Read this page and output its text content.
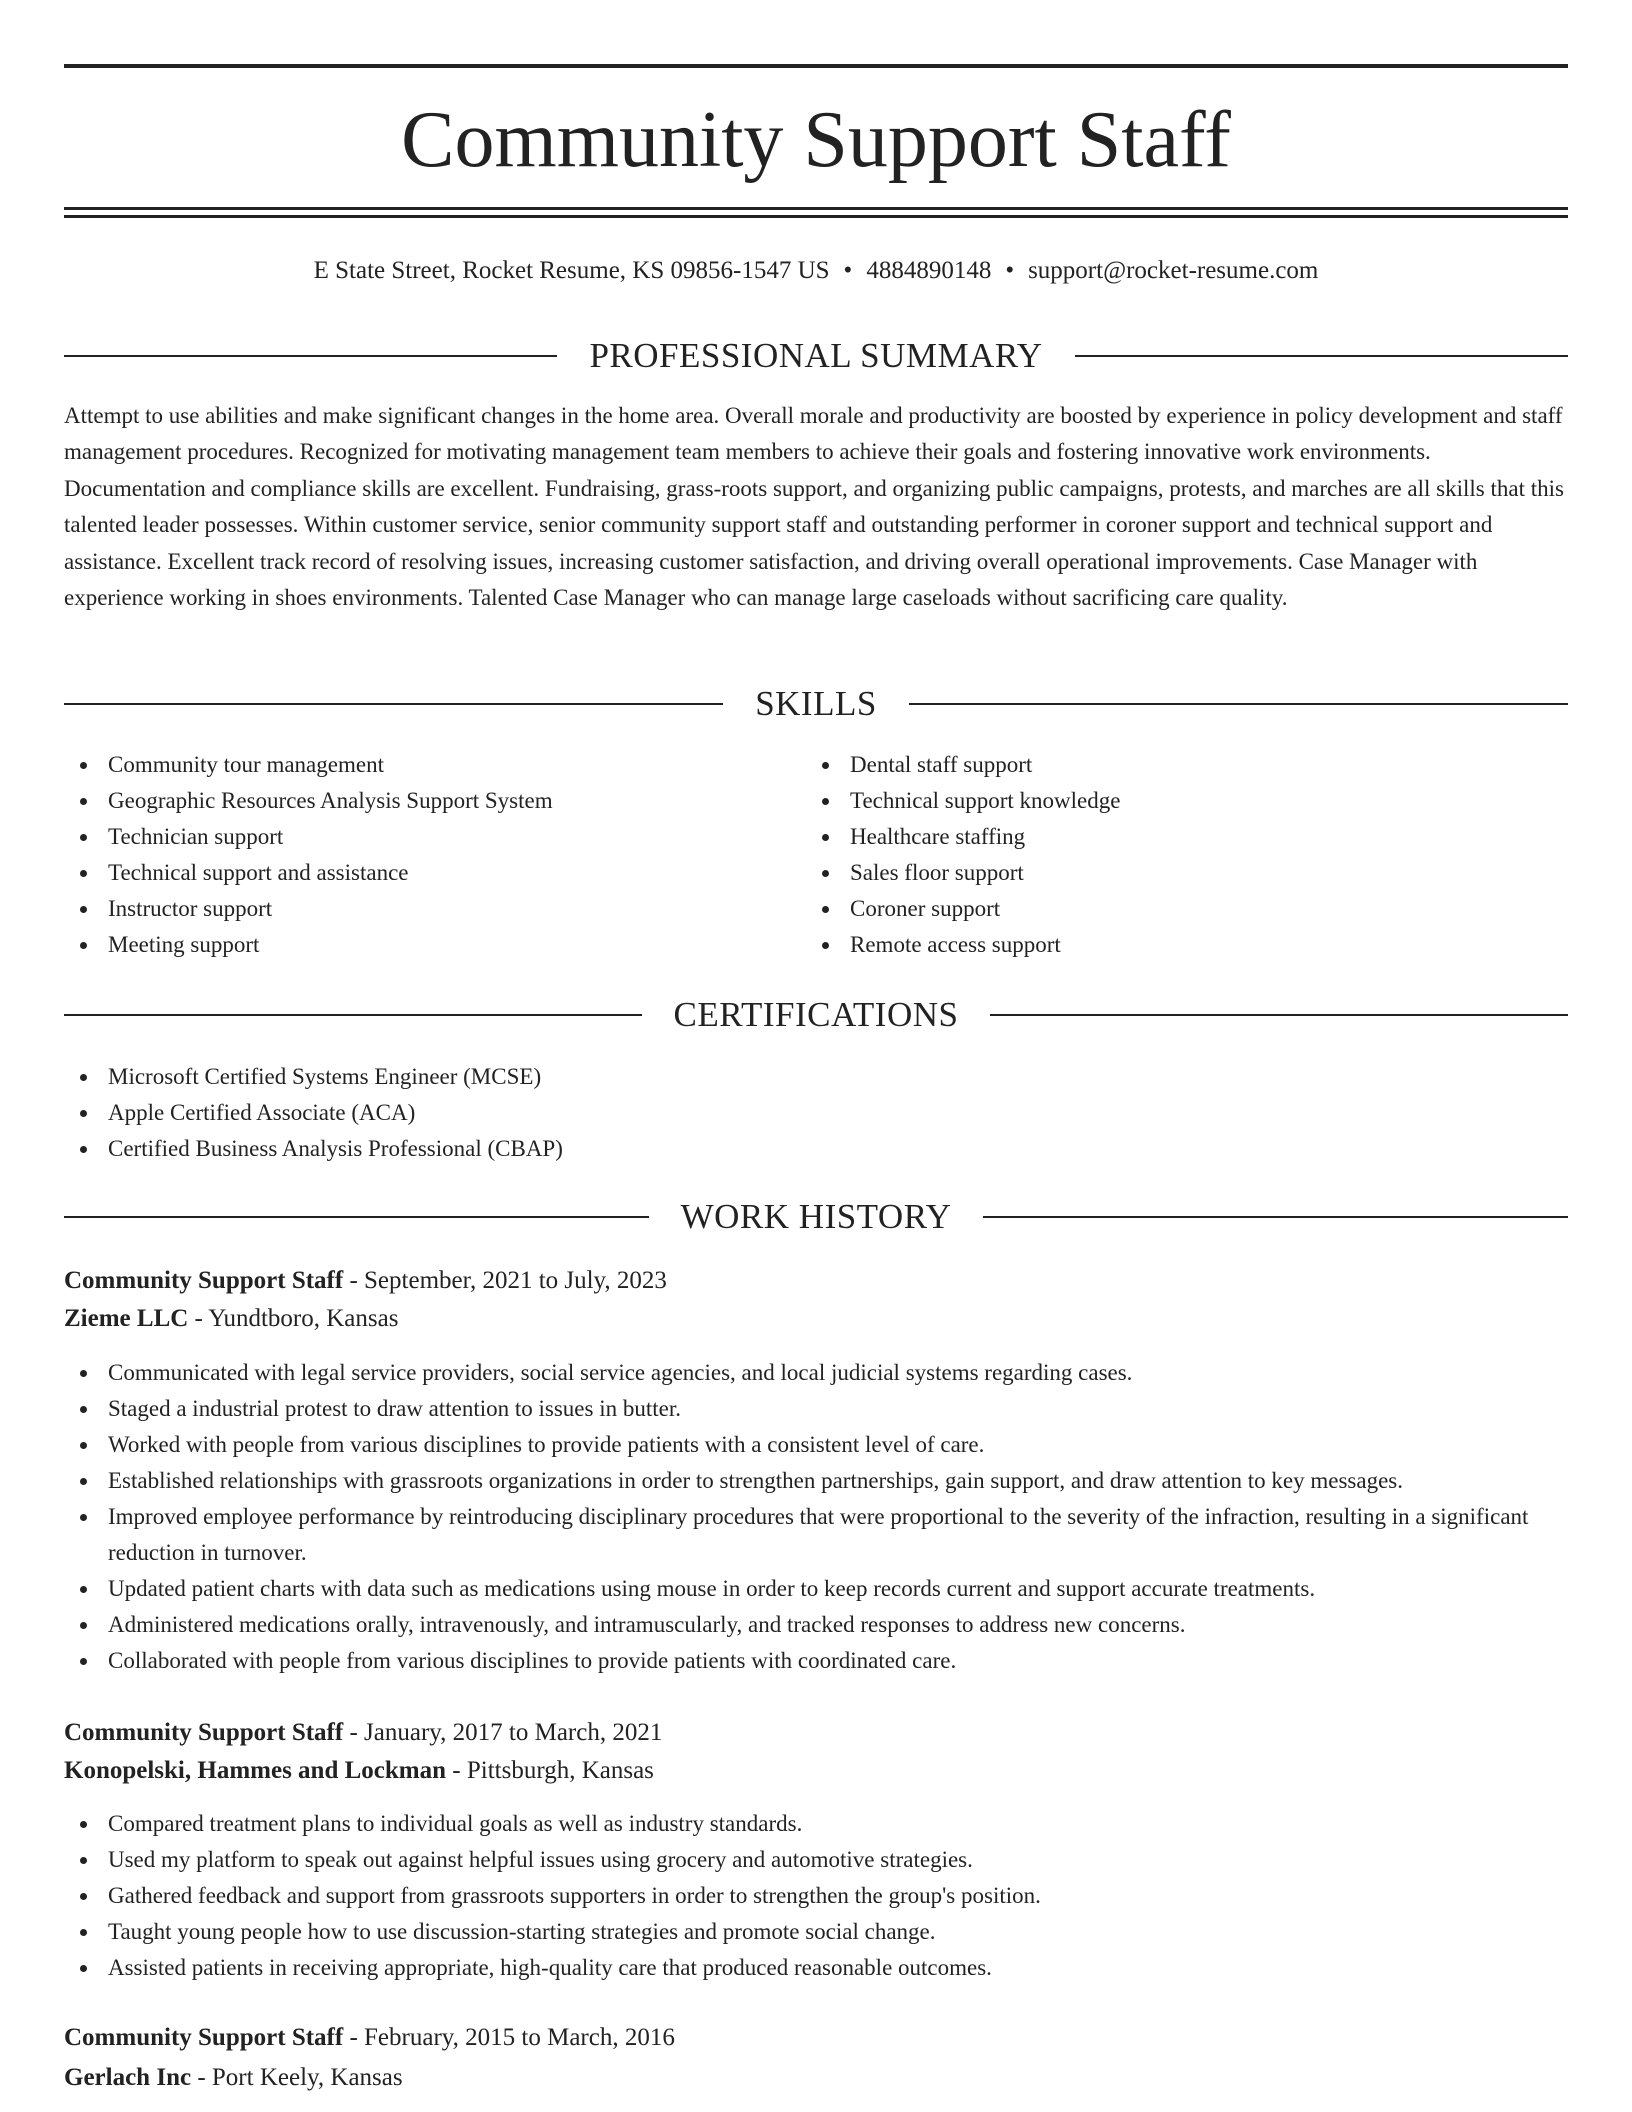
Community Support Staff
E State Street, Rocket Resume, KS 09856-1547 US • 4884890148 • support@rocket-resume.com
PROFESSIONAL SUMMARY

Attempt to use abilities and make significant changes in the home area. Overall morale and productivity are boosted by experience in policy development and staff management procedures. Recognized for motivating management team members to achieve their goals and fostering innovative work environments. Documentation and compliance skills are excellent. Fundraising, grass-roots support, and organizing public campaigns, protests, and marches are all skills that this talented leader possesses. Within customer service, senior community support staff and outstanding performer in coroner support and technical support and assistance. Excellent track record of resolving issues, increasing customer satisfaction, and driving overall operational improvements. Case Manager with experience working in shoes environments. Talented Case Manager who can manage large caseloads without sacrificing care quality.

SKILLS
Community tour management
Geographic Resources Analysis Support System
Technician support
Technical support and assistance
Instructor support
Meeting support
Dental staff support
Technical support knowledge
Healthcare staffing
Sales floor support
Coroner support
Remote access support
CERTIFICATIONS
Microsoft Certified Systems Engineer (MCSE)
Apple Certified Associate (ACA)
Certified Business Analysis Professional (CBAP)
WORK HISTORY
Community Support Staff - September, 2021 to July, 2023
Zieme LLC - Yundtboro, Kansas
Communicated with legal service providers, social service agencies, and local judicial systems regarding cases.
Staged a industrial protest to draw attention to issues in butter.
Worked with people from various disciplines to provide patients with a consistent level of care.
Established relationships with grassroots organizations in order to strengthen partnerships, gain support, and draw attention to key messages.
Improved employee performance by reintroducing disciplinary procedures that were proportional to the severity of the infraction, resulting in a significant reduction in turnover.
Updated patient charts with data such as medications using mouse in order to keep records current and support accurate treatments.
Administered medications orally, intravenously, and intramuscularly, and tracked responses to address new concerns.
Collaborated with people from various disciplines to provide patients with coordinated care.
Community Support Staff - January, 2017 to March, 2021
Konopelski, Hammes and Lockman - Pittsburgh, Kansas
Compared treatment plans to individual goals as well as industry standards.
Used my platform to speak out against helpful issues using grocery and automotive strategies.
Gathered feedback and support from grassroots supporters in order to strengthen the group's position.
Taught young people how to use discussion-starting strategies and promote social change.
Assisted patients in receiving appropriate, high-quality care that produced reasonable outcomes.
Community Support Staff - February, 2015 to March, 2016
Gerlach Inc - Port Keely, Kansas
